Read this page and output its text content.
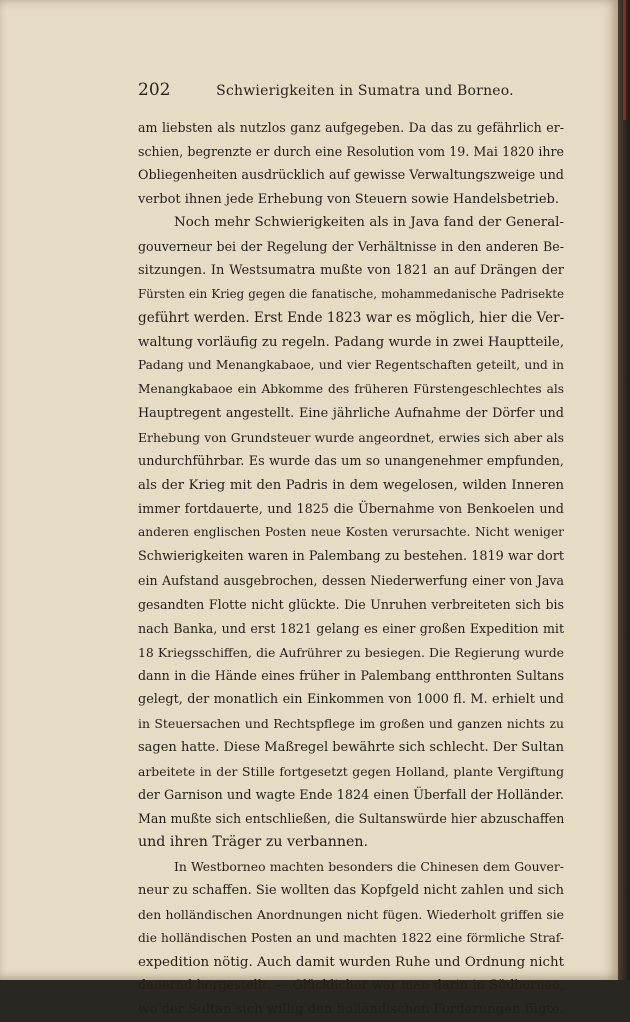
202	Schwierigkeiten in Sumatra und Borneo.
am liebsten als nutzlos ganz aufgegeben. Da das zu gefährlich er-
schien, begrenzte er durch eine Resolution vom 19. Mai 1820 ihre
Obliegenheiten ausdrücklich auf gewisse Verwaltungszweige und
verbot ihnen jede Erhebung von Steuern sowie Handelsbetrieb.
Noch mehr Schwierigkeiten als in Java fand der General-
gouverneur bei der Regelung der Verhältnisse in den anderen Be-
sitzungen. In Westsumatra mußte von 1821 an auf Drängen der
Fürsten ein Krieg gegen die fanatische, mohammedanische Padrisekte
geführt werden. Erst Ende 1823 war es möglich, hier die Ver-
waltung vorläufig zu regeln. Padang wurde in zwei Hauptteile,
Padang und Menangkabaoe, und vier Regentschaften geteilt, und in
Menangkabaoe ein Abkomme des früheren Fürstengeschlechtes als
Hauptregent angestellt. Eine jährliche Aufnahme der Dörfer und
Erhebung von Grundsteuer wurde angeordnet, erwies sich aber als
undurchführbar. Es wurde das um so unangenehmer empfunden,
als der Krieg mit den Padris in dem wegelosen, wilden Inneren
immer fortdauerte, und 1825 die Übernahme von Benkoelen und
anderen englischen Posten neue Kosten verursachte. Nicht weniger
Schwierigkeiten waren in Palembang zu bestehen. 1819 war dort
ein Aufstand ausgebrochen, dessen Niederwerfung einer von Java
gesandten Flotte nicht glückte. Die Unruhen verbreiteten sich bis
nach Banka, und erst 1821 gelang es einer großen Expedition mit
18 Kriegsschiffen, die Aufrührer zu besiegen. Die Regierung wurde
dann in die Hände eines früher in Palembang entthronten Sultans
gelegt, der monatlich ein Einkommen von 1000 fl. M. erhielt und
in Steuersachen und Rechtspflege im großen und ganzen nichts zu
sagen hatte. Diese Maßregel bewährte sich schlecht. Der Sultan
arbeitete in der Stille fortgesetzt gegen Holland, plante Vergiftung
der Garnison und wagte Ende 1824 einen Überfall der Holländer.
Man mußte sich entschließen, die Sultanswürde hier abzuschaffen
und ihren Träger zu verbannen.
In Westborneo machten besonders die Chinesen dem Gouver-
neur zu schaffen. Sie wollten das Kopfgeld nicht zahlen und sich
den holländischen Anordnungen nicht fügen. Wiederholt griffen sie
die holländischen Posten an und machten 1822 eine förmliche Straf-
expedition nötig. Auch damit wurden Ruhe und Ordnung nicht
dauernd hergestellt. — Glücklicher war man darin in Südborneo,
wo der Sultan sich willig den holländischen Forderungen fügte.
